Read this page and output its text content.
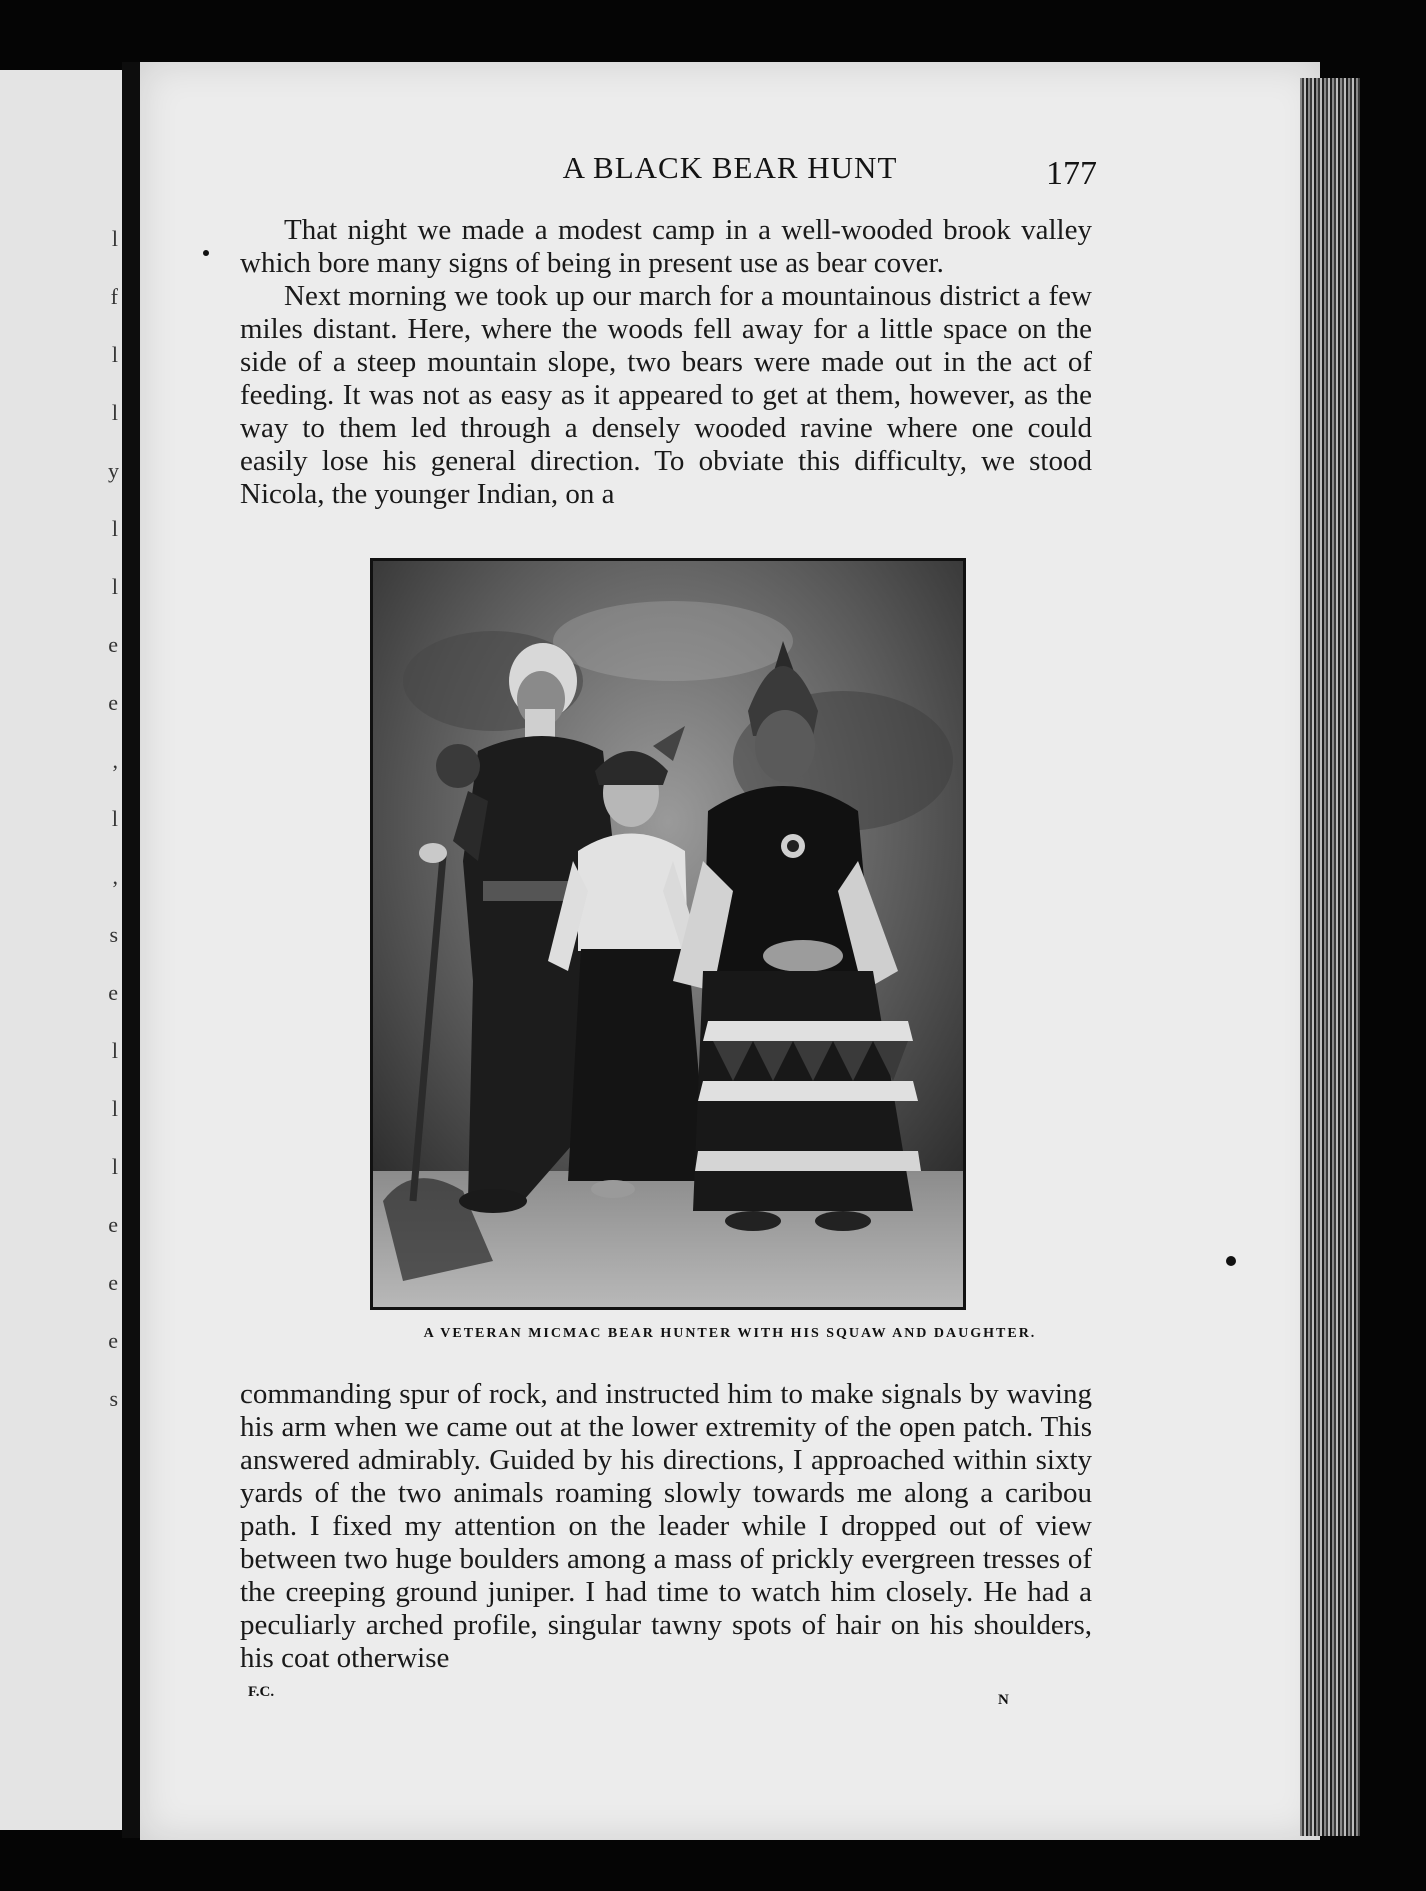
l
f
l
l
y
l
l
e
e
,
l
,
s
e
l
l
l
e
e
e
s
A BLACK BEAR HUNT	177

That night we made a modest camp in a well-wooded brook valley which bore many signs of being in present use as bear cover.

Next morning we took up our march for a mountainous district a few miles distant. Here, where the woods fell away for a little space on the side of a steep mountain slope, two bears were made out in the act of feeding. It was not as easy as it appeared to get at them, however, as the way to them led through a densely wooded ravine where one could easily lose his general direction. To obviate this difficulty, we stood Nicola, the younger Indian, on a

A VETERAN MICMAC BEAR HUNTER WITH HIS SQUAW AND DAUGHTER.

commanding spur of rock, and instructed him to make signals by waving his arm when we came out at the lower extremity of the open patch. This answered admirably. Guided by his directions, I approached within sixty yards of the two animals roaming slowly towards me along a caribou path. I fixed my attention on the leader while I dropped out of view between two huge boulders among a mass of prickly evergreen tresses of the creeping ground juniper. I had time to watch him closely. He had a peculiarly arched profile, singular tawny spots of hair on his shoulders, his coat otherwise

F.C.	N
